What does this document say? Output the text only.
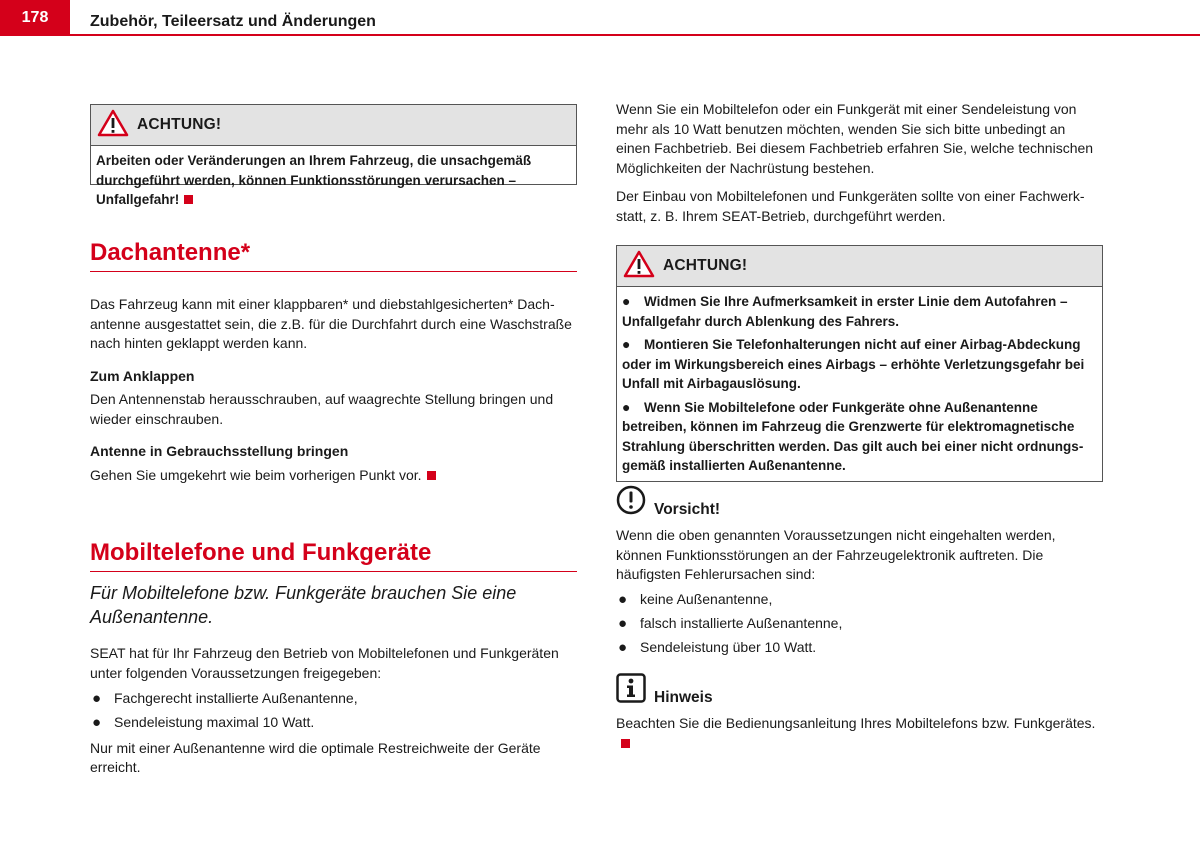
178	Zubehör, Teileersatz und Änderungen
ACHTUNG!
Arbeiten oder Veränderungen an Ihrem Fahrzeug, die unsachgemäß durchgeführt werden, können Funktionsstörungen verursachen – Unfallgefahr!
Dachantenne*

Das Fahrzeug kann mit einer klappbaren* und diebstahlgesicherten* Dachantenne ausgestattet sein, die z.B. für die Durchfahrt durch eine Waschstraße nach hinten geklappt werden kann.

Zum Anklappen

Den Antennenstab herausschrauben, auf waagrechte Stellung bringen und wieder einschrauben.

Antenne in Gebrauchsstellung bringen

Gehen Sie umgekehrt wie beim vorherigen Punkt vor.

Mobiltelefone und Funkgeräte

Für Mobiltelefone bzw. Funkgeräte brauchen Sie eine Außenantenne.

SEAT hat für Ihr Fahrzeug den Betrieb von Mobiltelefonen und Funkgeräten unter folgenden Voraussetzungen freigegeben:

● Fachgerecht installierte Außenantenne,
● Sendeleistung maximal 10 Watt.

Nur mit einer Außenantenne wird die optimale Restreichweite der Geräte erreicht.

Wenn Sie ein Mobiltelefon oder ein Funkgerät mit einer Sendeleistung von mehr als 10 Watt benutzen möchten, wenden Sie sich bitte unbedingt an einen Fachbetrieb. Bei diesem Fachbetrieb erfahren Sie, welche technischen Möglichkeiten der Nachrüstung bestehen.

Der Einbau von Mobiltelefonen und Funkgeräten sollte von einer Fachwerkstatt, z. B. Ihrem SEAT-Betrieb, durchgeführt werden.

ACHTUNG!
● Widmen Sie Ihre Aufmerksamkeit in erster Linie dem Autofahren – Unfallgefahr durch Ablenkung des Fahrers.
● Montieren Sie Telefonhalterungen nicht auf einer Airbag-Abdeckung oder im Wirkungsbereich eines Airbags – erhöhte Verletzungsgefahr bei Unfall mit Airbagauslösung.
● Wenn Sie Mobiltelefone oder Funkgeräte ohne Außenantenne betreiben, können im Fahrzeug die Grenzwerte für elektromagnetische Strahlung überschritten werden. Das gilt auch bei einer nicht ordnungsgemäß installierten Außenantenne.
Vorsicht!

Wenn die oben genannten Voraussetzungen nicht eingehalten werden, können Funktionsstörungen an der Fahrzeugelektronik auftreten. Die häufigsten Fehlerursachen sind:

● keine Außenantenne,
● falsch installierte Außenantenne,
● Sendeleistung über 10 Watt.
Hinweis

Beachten Sie die Bedienungsanleitung Ihres Mobiltelefons bzw. Funkgerätes.
